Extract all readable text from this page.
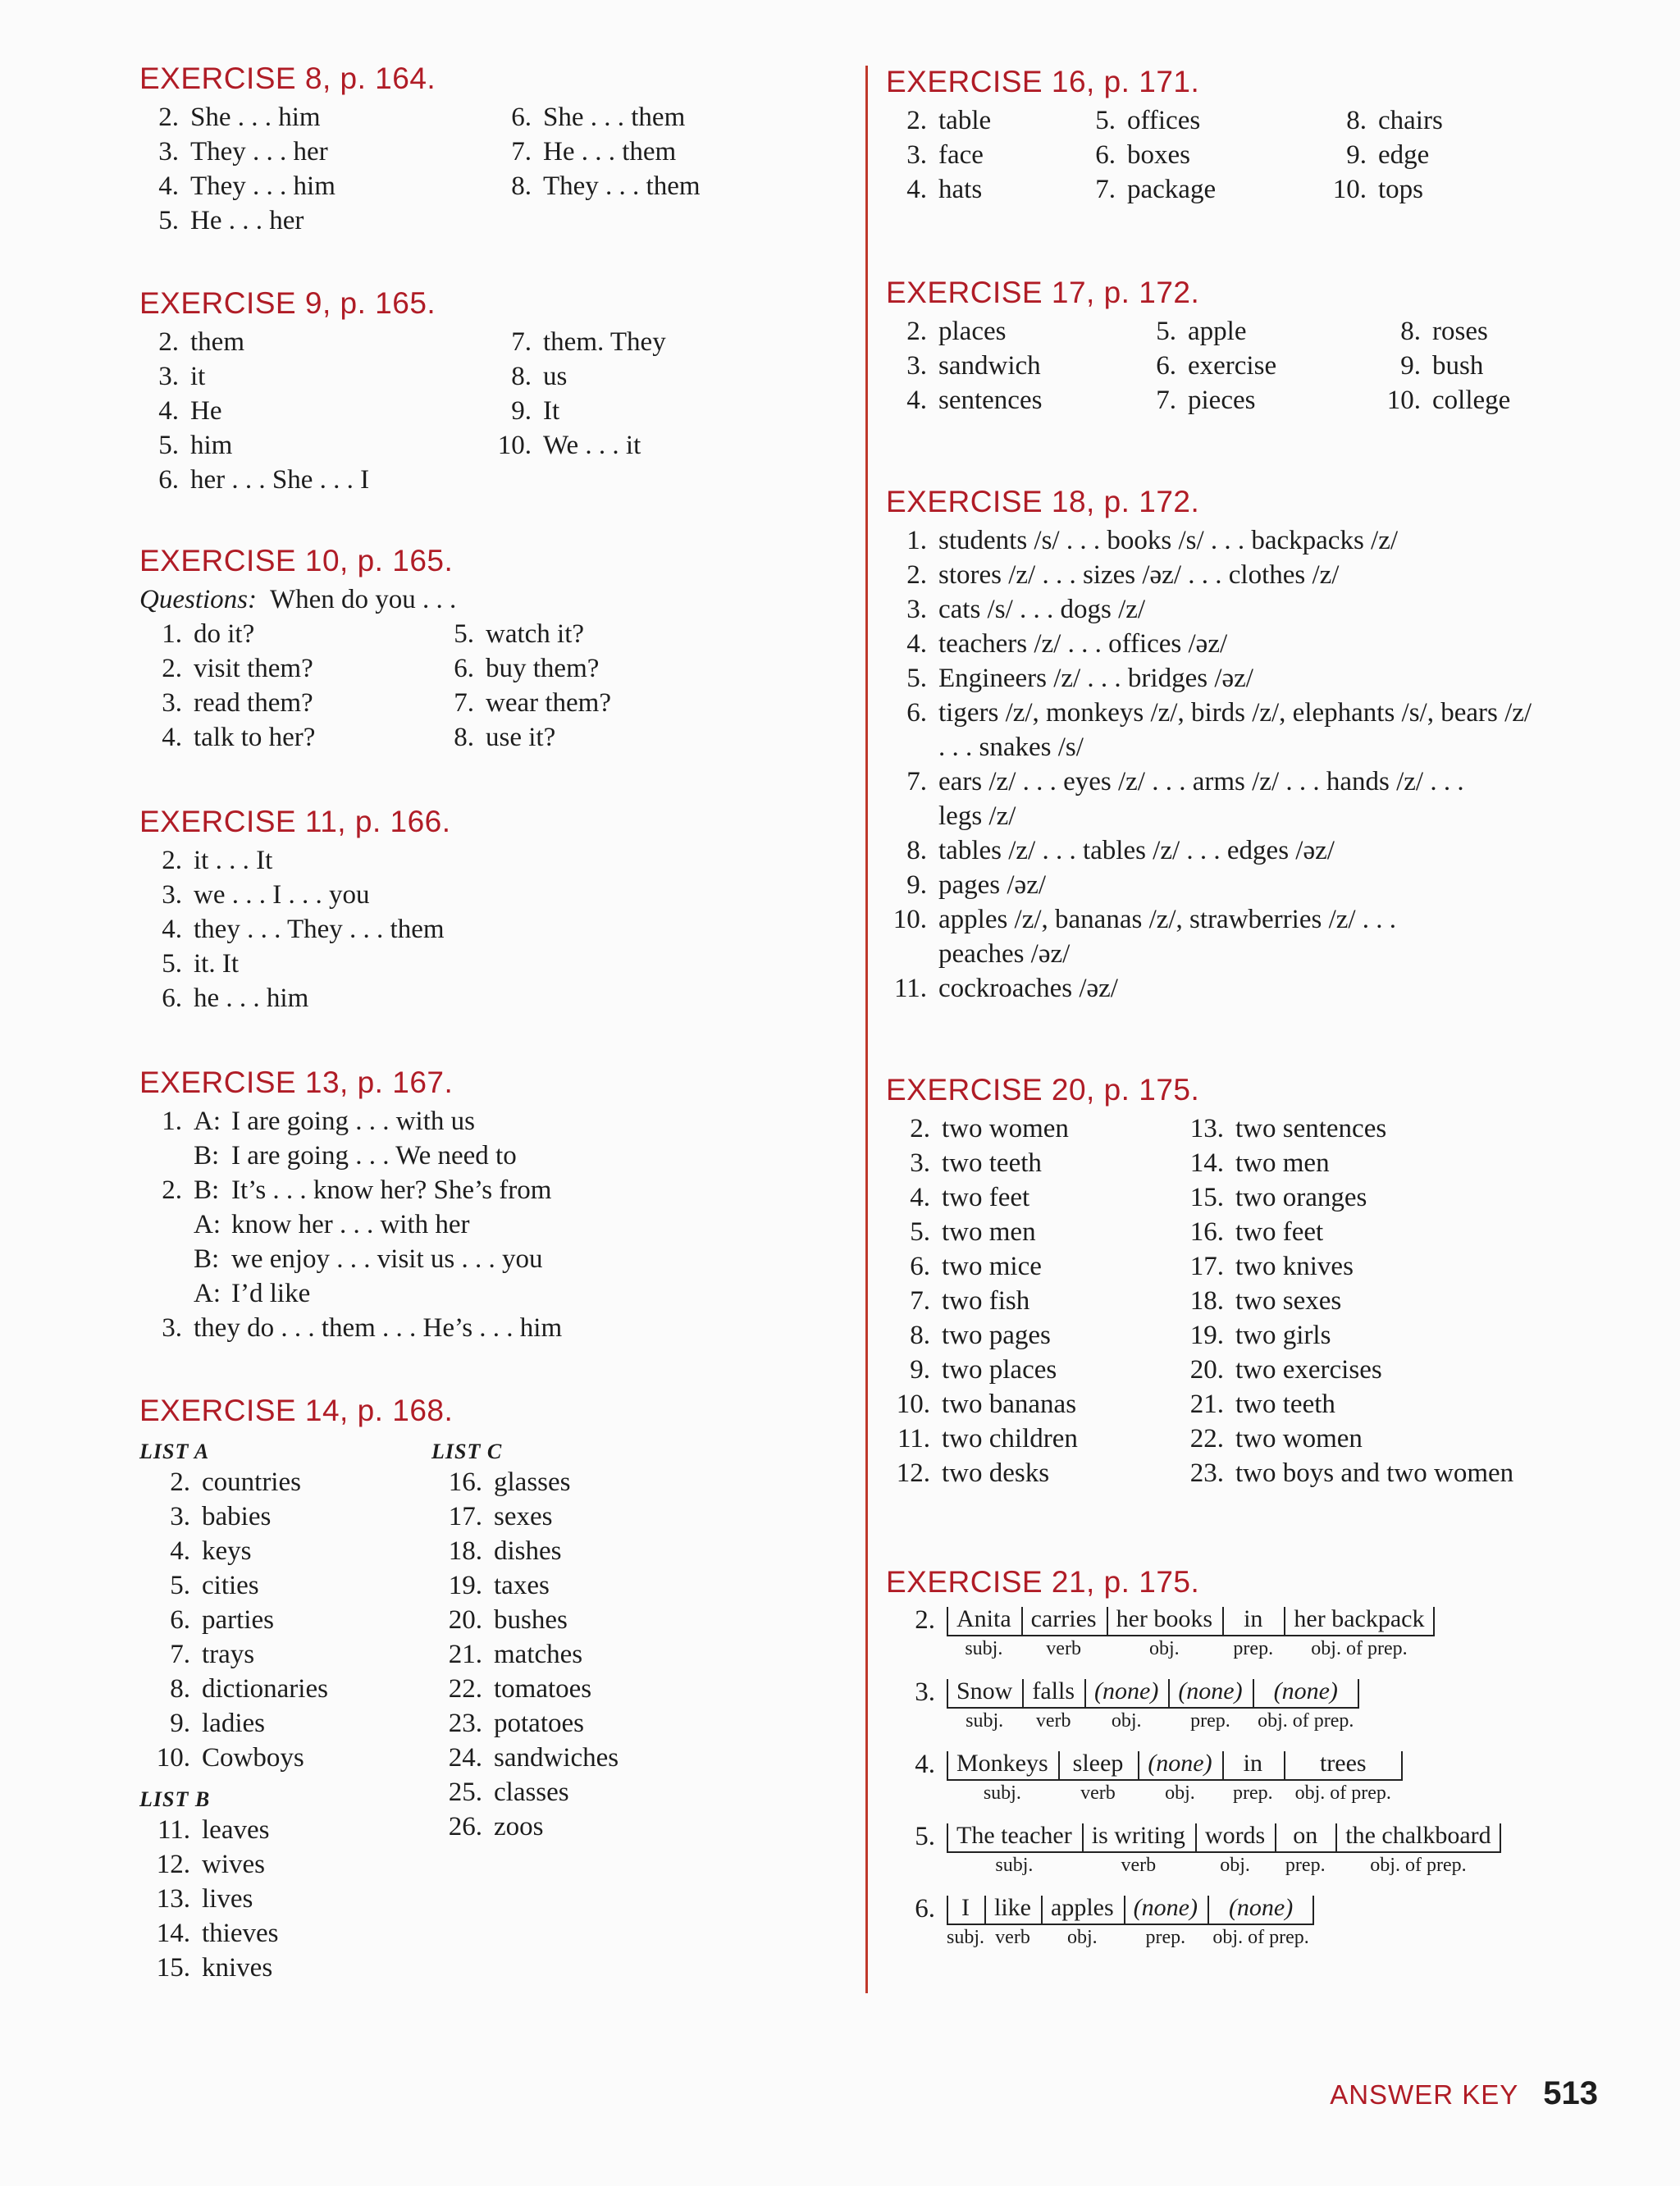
EXERCISE 8, p. 164.
2. She . . . him
3. They . . . her
4. They . . . him
5. He . . . her
6. She . . . them
7. He . . . them
8. They . . . them
EXERCISE 9, p. 165.
2. them
3. it
4. He
5. him
6. her . . . She . . . I
7. them. They
8. us
9. It
10. We . . . it
EXERCISE 10, p. 165.
Questions: When do you . . .
1. do it?
2. visit them?
3. read them?
4. talk to her?
5. watch it?
6. buy them?
7. wear them?
8. use it?
EXERCISE 11, p. 166.
2. it . . . It
3. we . . . I . . . you
4. they . . . They . . . them
5. it. It
6. he . . . him
EXERCISE 13, p. 167.
1. A: I are going . . . with us
B: I are going . . . We need to
2. B: It’s . . . know her? She’s from
A: know her . . . with her
B: we enjoy . . . visit us . . . you
A: I’d like
3. they do . . . them . . . He’s . . . him
EXERCISE 14, p. 168.
LIST A
2. countries
3. babies
4. keys
5. cities
6. parties
7. trays
8. dictionaries
9. ladies
10. Cowboys
LIST B
11. leaves
12. wives
13. lives
14. thieves
15. knives
LIST C
16. glasses
17. sexes
18. dishes
19. taxes
20. bushes
21. matches
22. tomatoes
23. potatoes
24. sandwiches
25. classes
26. zoos
EXERCISE 16, p. 171.
2. table
3. face
4. hats
5. offices
6. boxes
7. package
8. chairs
9. edge
10. tops
EXERCISE 17, p. 172.
2. places
3. sandwich
4. sentences
5. apple
6. exercise
7. pieces
8. roses
9. bush
10. college
EXERCISE 18, p. 172.
1. students /s/ . . . books /s/ . . . backpacks /z/
2. stores /z/ . . . sizes /əz/ . . . clothes /z/
3. cats /s/ . . . dogs /z/
4. teachers /z/ . . . offices /əz/
5. Engineers /z/ . . . bridges /əz/
6. tigers /z/, monkeys /z/, birds /z/, elephants /s/, bears /z/
. . . snakes /s/
7. ears /z/ . . . eyes /z/ . . . arms /z/ . . . hands /z/ . . .
legs /z/
8. tables /z/ . . . tables /z/ . . . edges /əz/
9. pages /əz/
10. apples /z/, bananas /z/, strawberries /z/ . . .
peaches /əz/
11. cockroaches /əz/
EXERCISE 20, p. 175.
2. two women
3. two teeth
4. two feet
5. two men
6. two mice
7. two fish
8. two pages
9. two places
10. two bananas
11. two children
12. two desks
13. two sentences
14. two men
15. two oranges
16. two feet
17. two knives
18. two sexes
19. two girls
20. two exercises
21. two teeth
22. two women
23. two boys and two women
EXERCISE 21, p. 175.
2. Anita
subj.
carries
verb
her books
obj.
in
prep.
her backpack
obj. of prep.
3. Snow
subj.
falls
verb
(none)
obj.
(none)
prep.
(none)
obj. of prep.
4. Monkeys
subj.
sleep
verb
(none)
obj.
in
prep.
trees
obj. of prep.
5. The teacher
subj.
is writing
verb
words
obj.
on
prep.
the chalkboard
obj. of prep.
6.	I
subj.
like
verb
apples
obj.
(none)
prep.
(none)
obj. of prep.
ANSWER KEY 513
